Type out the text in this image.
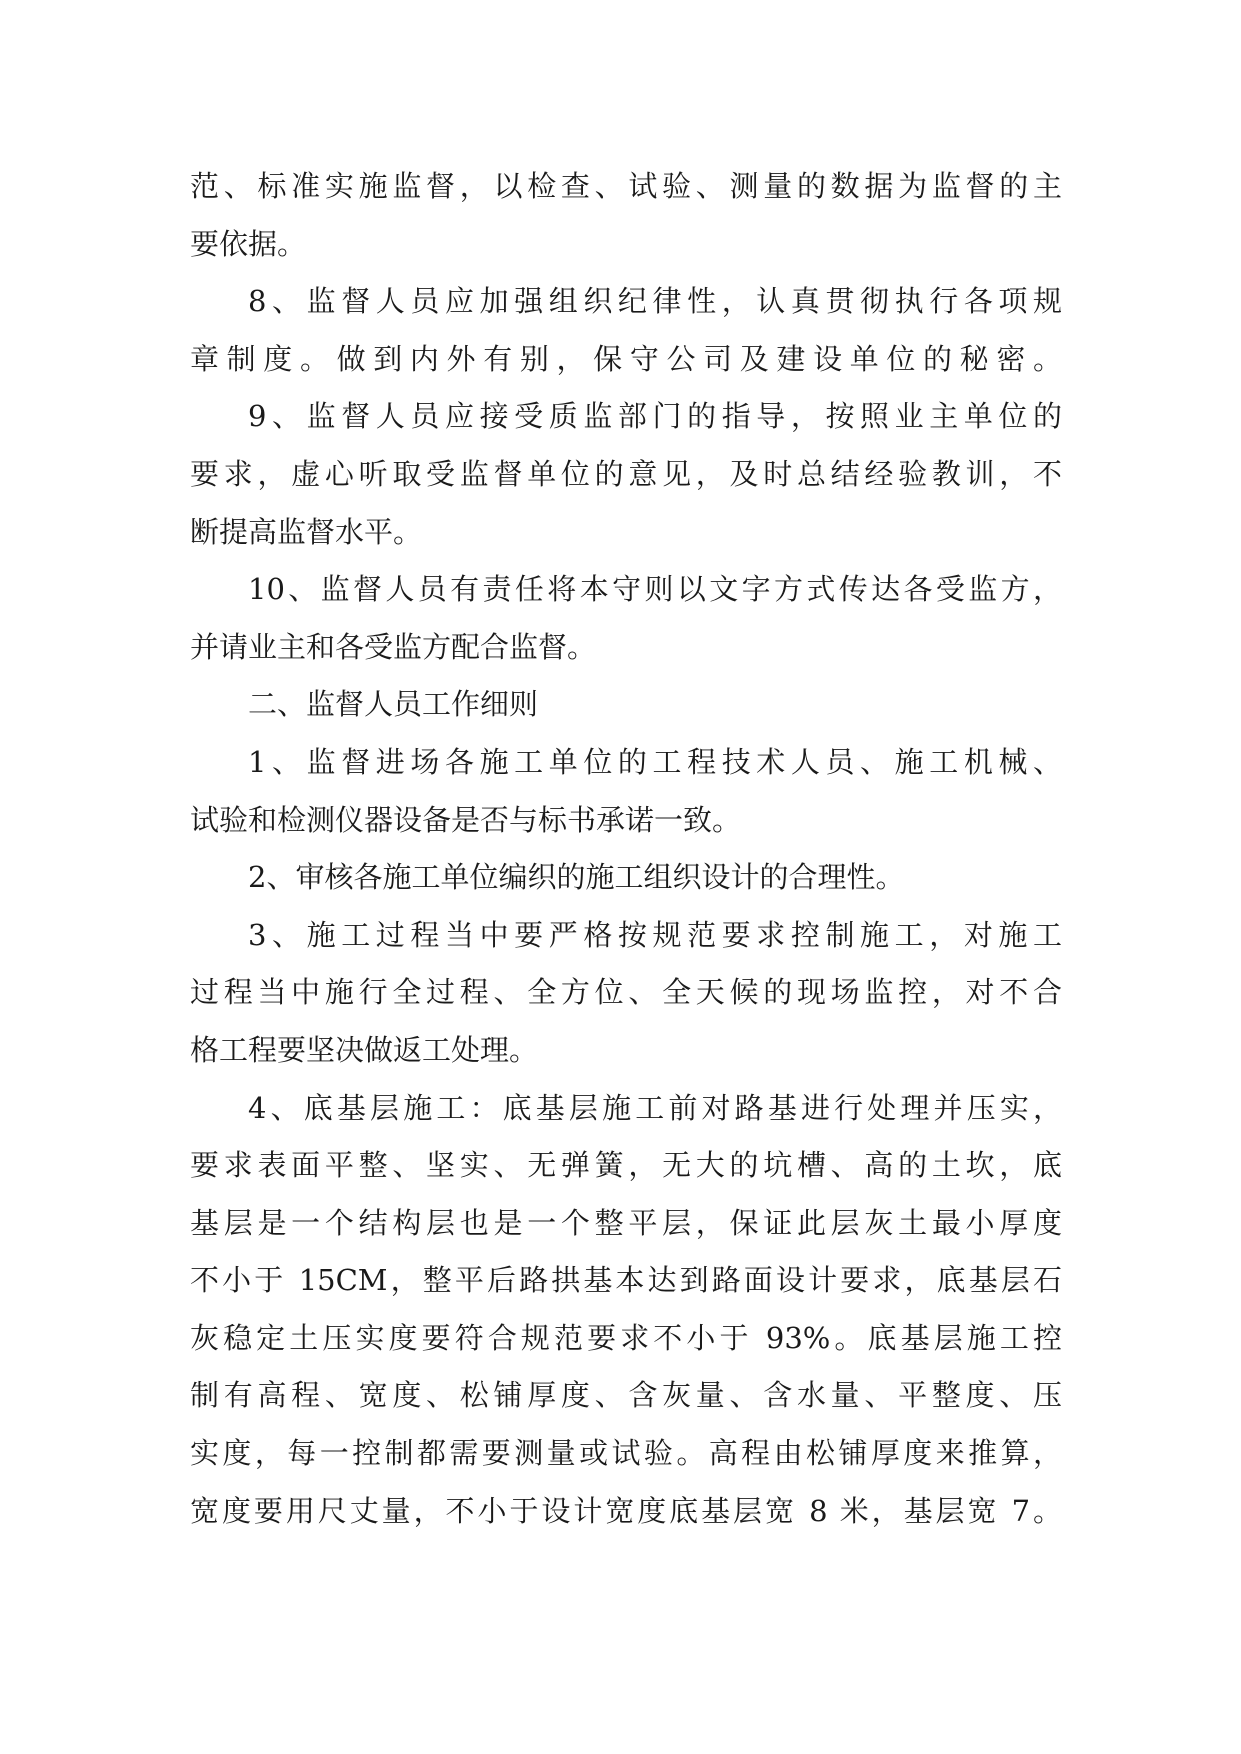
范、标准实施监督，以检查、试验、测量的数据为监督的主
要依据。
8、监督人员应加强组织纪律性，认真贯彻执行各项规
章制度。做到内外有别，保守公司及建设单位的秘密。
9、监督人员应接受质监部门的指导，按照业主单位的
要求，虚心听取受监督单位的意见，及时总结经验教训，不
断提高监督水平。
10、监督人员有责任将本守则以文字方式传达各受监方，
并请业主和各受监方配合监督。
二、监督人员工作细则
1、监督进场各施工单位的工程技术人员、施工机械、
试验和检测仪器设备是否与标书承诺一致。
2、审核各施工单位编织的施工组织设计的合理性。
3、施工过程当中要严格按规范要求控制施工，对施工
过程当中施行全过程、全方位、全天候的现场监控，对不合
格工程要坚决做返工处理。
4、底基层施工：底基层施工前对路基进行处理并压实，
要求表面平整、坚实、无弹簧，无大的坑槽、高的土坎，底
基层是一个结构层也是一个整平层，保证此层灰土最小厚度
不小于 15CM，整平后路拱基本达到路面设计要求，底基层石
灰稳定土压实度要符合规范要求不小于 93%。底基层施工控
制有高程、宽度、松铺厚度、含灰量、含水量、平整度、压
实度，每一控制都需要测量或试验。高程由松铺厚度来推算，
宽度要用尺丈量，不小于设计宽度底基层宽 8 米，基层宽 7。
